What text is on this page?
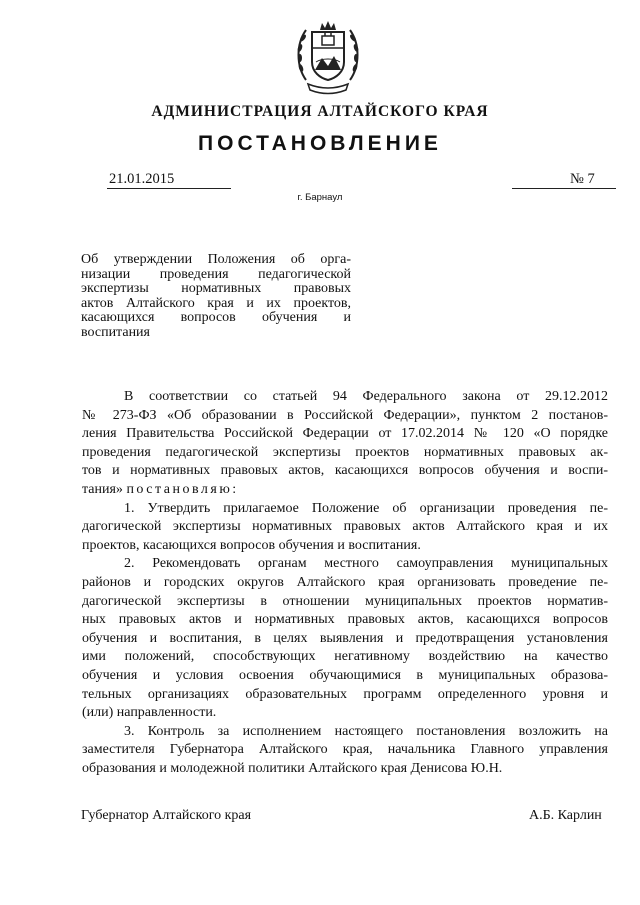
АДМИНИСТРАЦИЯ АЛТАЙСКОГО КРАЯ
ПОСТАНОВЛЕНИЕ
21.01.2015	№ 7
г. Барнаул
Об утверждении Положения об орга-
низации проведения педагогической
экспертизы нормативных правовых
актов Алтайского края и их проектов,
касающихся вопросов обучения и
воспитания
В соответствии со статьей 94 Федерального закона от 29.12.2012
№ 273-ФЗ «Об образовании в Российской Федерации», пунктом 2 постанов-
ления Правительства Российской Федерации от 17.02.2014 № 120 «О порядке
проведения педагогической экспертизы проектов нормативных правовых ак-
тов и нормативных правовых актов, касающихся вопросов обучения и воспи-
тания» постановляю:
1. Утвердить прилагаемое Положение об организации проведения пе-
дагогической экспертизы нормативных правовых актов Алтайского края и их
проектов, касающихся вопросов обучения и воспитания.
2. Рекомендовать органам местного самоуправления муниципальных
районов и городских округов Алтайского края организовать проведение пе-
дагогической экспертизы в отношении муниципальных проектов норматив-
ных правовых актов и нормативных правовых актов, касающихся вопросов
обучения и воспитания, в целях выявления и предотвращения установления
ими положений, способствующих негативному воздействию на качество
обучения и условия освоения обучающимися в муниципальных образова-
тельных организациях образовательных программ определенного уровня и
(или) направленности.
3. Контроль за исполнением настоящего постановления возложить на
заместителя Губернатора Алтайского края, начальника Главного управления
образования и молодежной политики Алтайского края Денисова Ю.Н.
Губернатор Алтайского края	А.Б. Карлин
